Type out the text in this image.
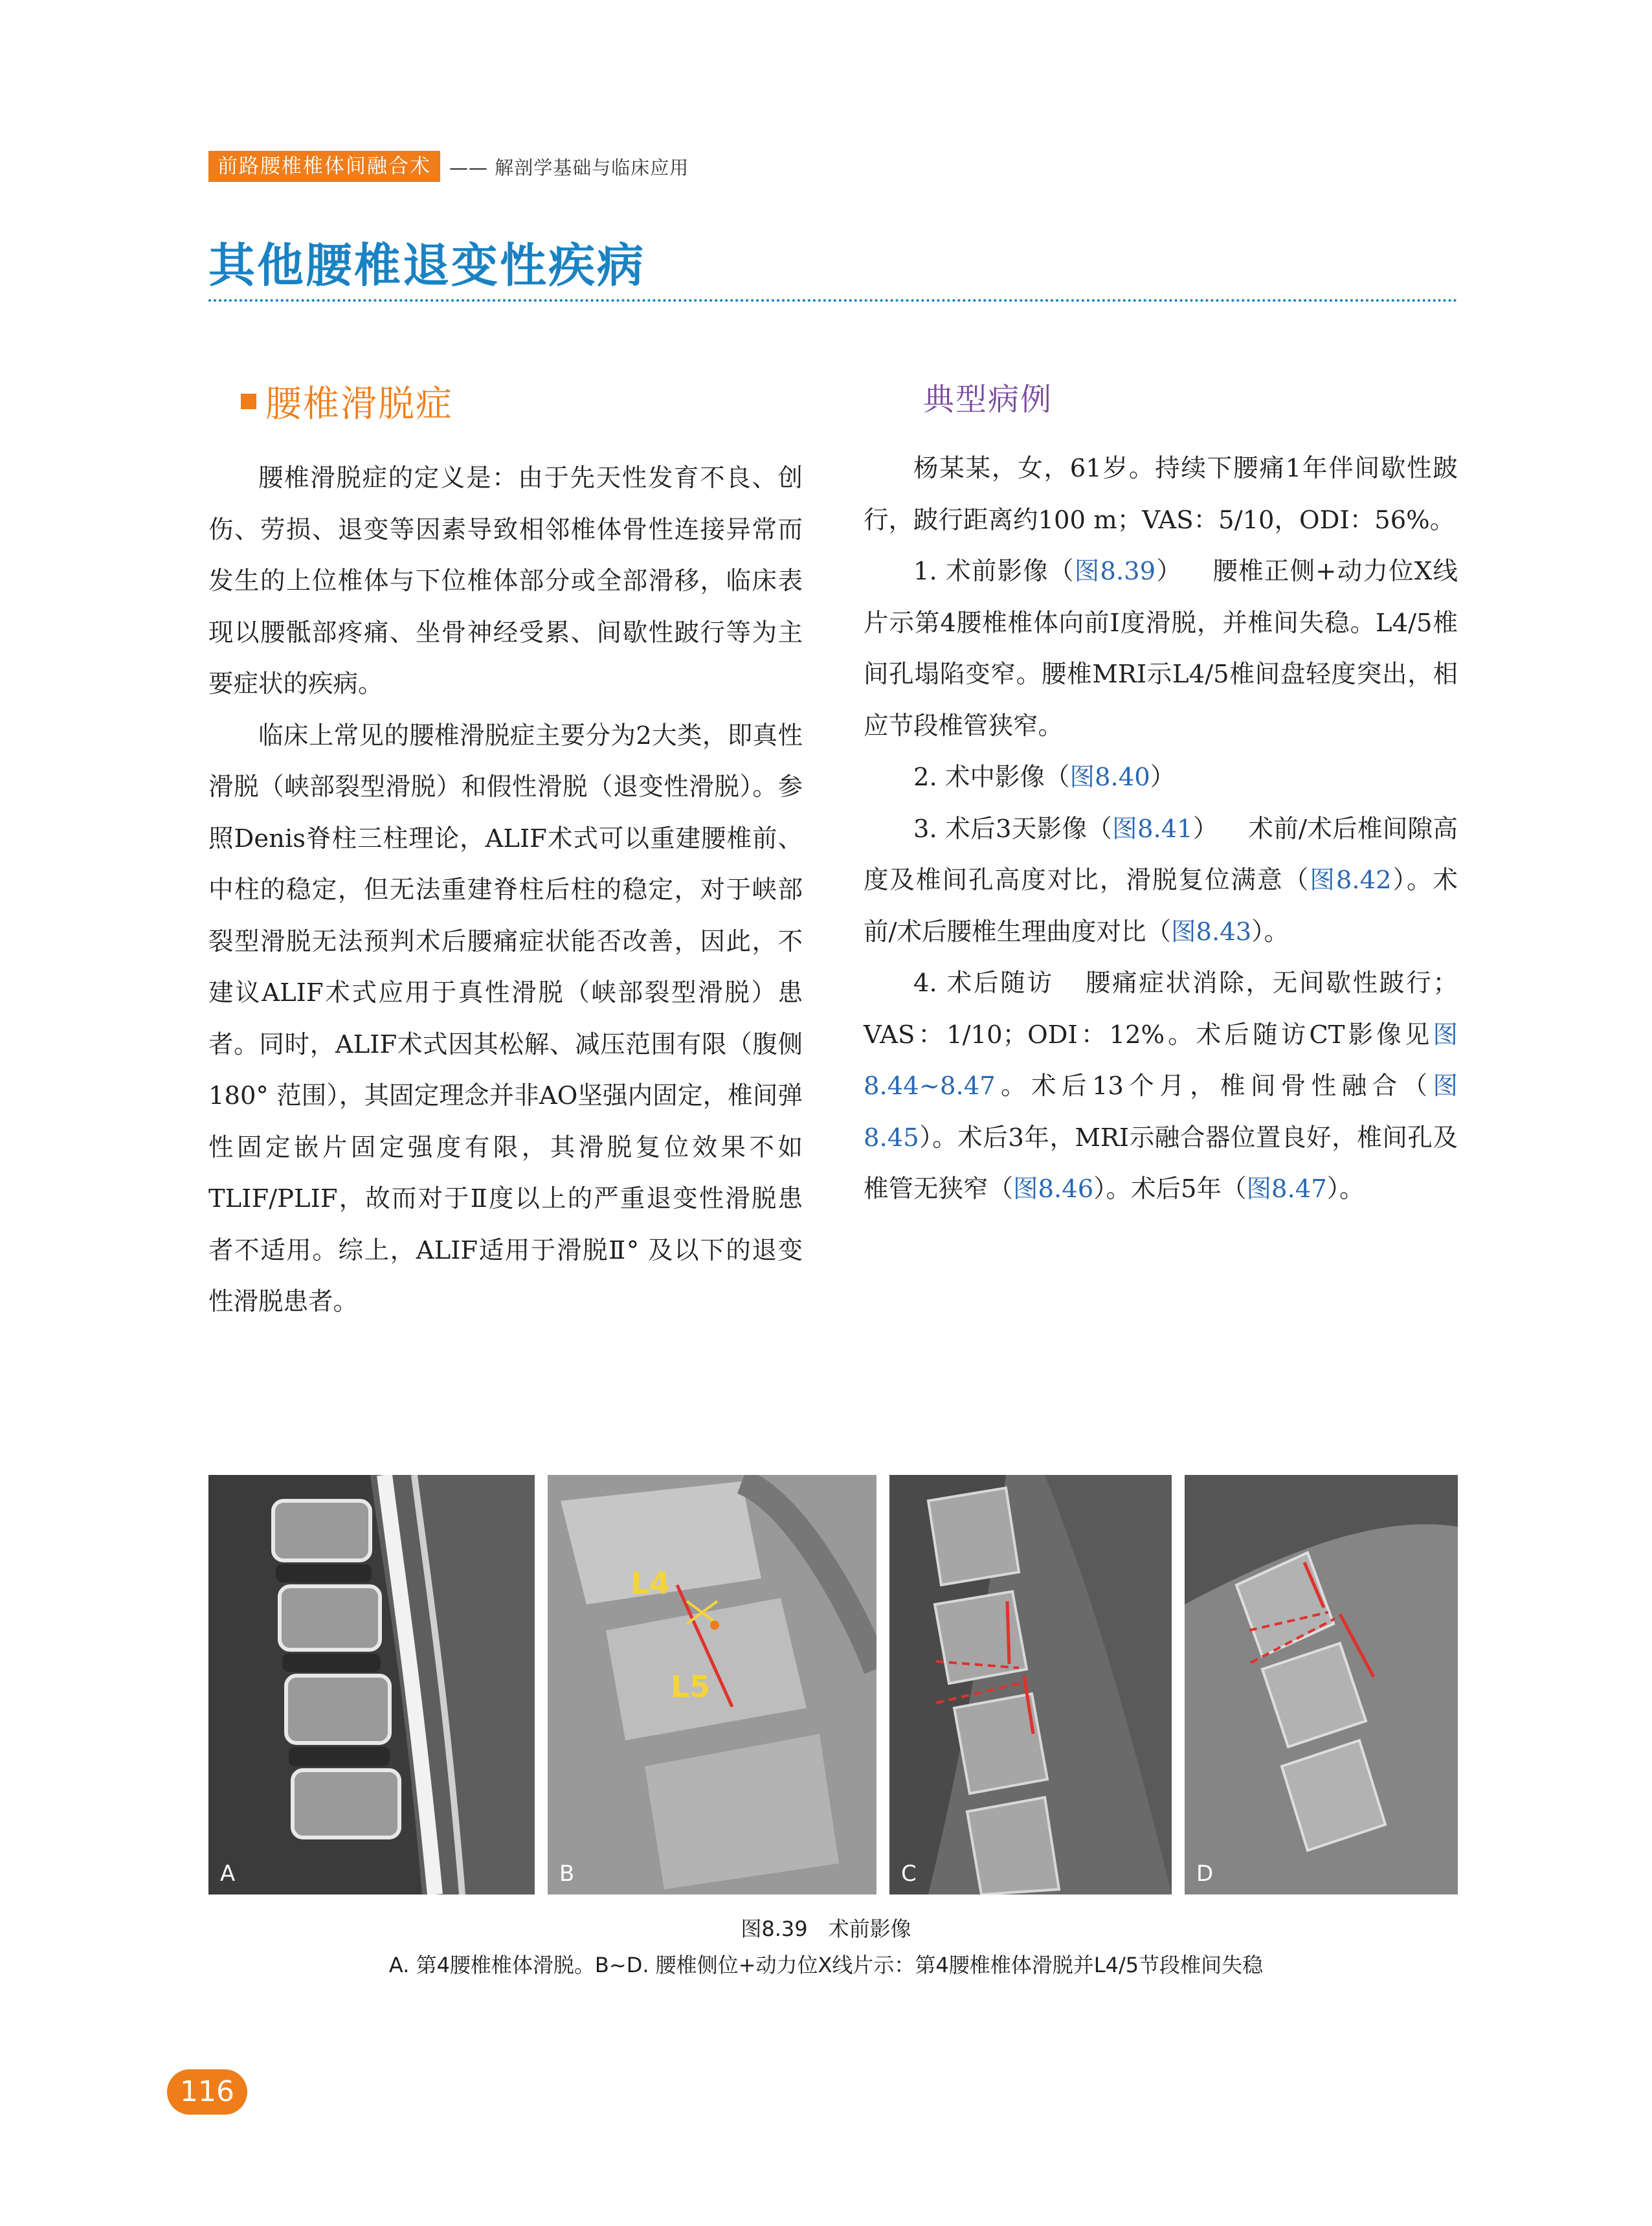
前路腰椎椎体间融合术 —— 解剖学基础与临床应用
其他腰椎退变性疾病
腰椎滑脱症

腰椎滑脱症的定义是：由于先天性发育不良、创伤、劳损、退变等因素导致相邻椎体骨性连接异常而发生的上位椎体与下位椎体部分或全部滑移，临床表现以腰骶部疼痛、坐骨神经受累、间歇性跛行等为主要症状的疾病。

临床上常见的腰椎滑脱症主要分为2大类，即真性滑脱（峡部裂型滑脱）和假性滑脱（退变性滑脱）。参照Denis脊柱三柱理论，ALIF术式可以重建腰椎前、中柱的稳定，但无法重建脊柱后柱的稳定，对于峡部裂型滑脱无法预判术后腰痛症状能否改善，因此，不建议ALIF术式应用于真性滑脱（峡部裂型滑脱）患者。同时，ALIF术式因其松解、减压范围有限（腹侧180° 范围），其固定理念并非AO坚强内固定，椎间弹性固定嵌片固定强度有限，其滑脱复位效果不如TLIF/PLIF，故而对于Ⅱ度以上的严重退变性滑脱患者不适用。综上，ALIF适用于滑脱Ⅱ° 及以下的退变性滑脱患者。

典型病例

杨某某，女，61岁。持续下腰痛1年伴间歇性跛行，跛行距离约100 m；VAS：5/10，ODI：56%。

1. 术前影像（图8.39） 腰椎正侧+动力位X线片示第4腰椎椎体向前Ⅰ度滑脱，并椎间失稳。L4/5椎间孔塌陷变窄。腰椎MRI示L4/5椎间盘轻度突出，相应节段椎管狭窄。

2. 术中影像（图8.40）

3. 术后3天影像（图8.41） 术前/术后椎间隙高度及椎间孔高度对比，滑脱复位满意（图8.42）。术前/术后腰椎生理曲度对比（图8.43）。

4. 术后随访 腰痛症状消除，无间歇性跛行；VAS：1/10；ODI：12%。术后随访CT影像见图8.44~8.47。术后13个月，椎间骨性融合（图8.45）。术后3年，MRI示融合器位置良好，椎间孔及椎管无狭窄（图8.46）。术后5年（图8.47）。

A
L4
L5
B	C	D
图8.39　术前影像
A. 第4腰椎椎体滑脱。B~D. 腰椎侧位+动力位X线片示：第4腰椎椎体滑脱并L4/5节段椎间失稳
116
